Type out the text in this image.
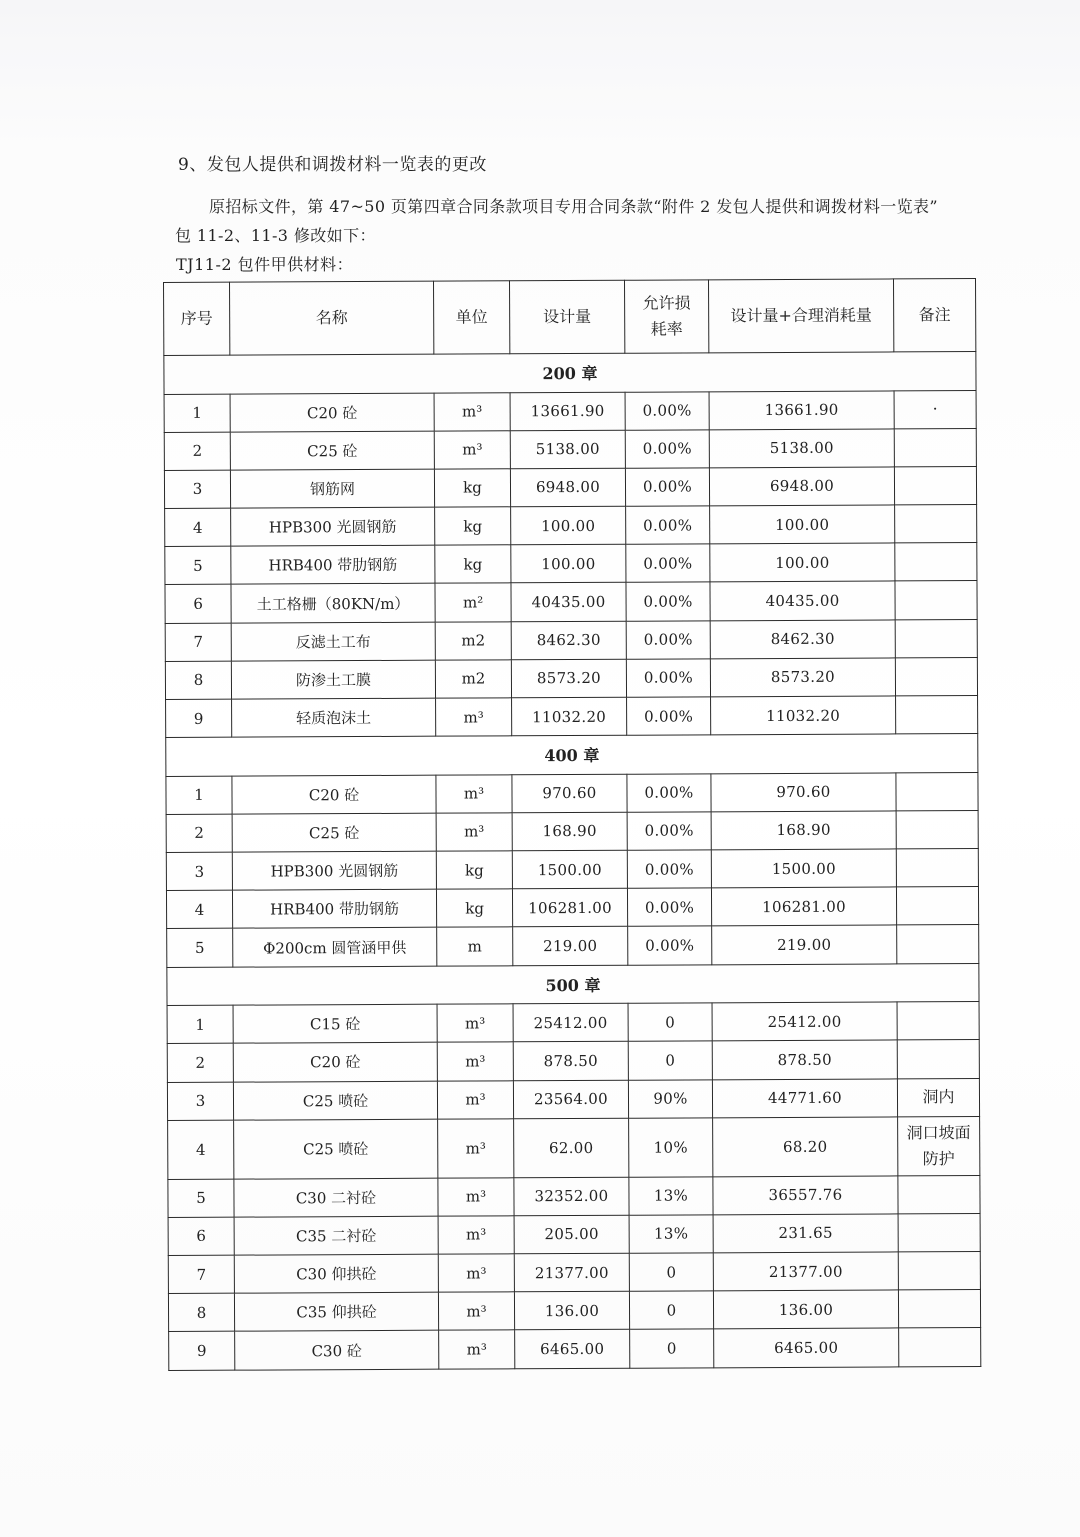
9、发包人提供和调拨材料一览表的更改
原招标文件，第 47~50 页第四章合同条款项目专用合同条款“附件 2 发包人提供和调拨材料一览表” 包 11-2、11-3 修改如下：
TJ11-2 包件甲供材料：
序号	名称	单位	设计量	允许损耗率	设计量+合理消耗量	备注
200 章						
1	C20 砼	m³	13661.90	0.00%	13661.90	·
2	C25 砼	m³	5138.00	0.00%	5138.00	
3	钢筋网	kg	6948.00	0.00%	6948.00	
4	HPB300 光圆钢筋	kg	100.00	0.00%	100.00	
5	HRB400 带肋钢筋	kg	100.00	0.00%	100.00	
6	土工格栅（80KN/m）	m²	40435.00	0.00%	40435.00	
7	反滤土工布	m2	8462.30	0.00%	8462.30	
8	防渗土工膜	m2	8573.20	0.00%	8573.20	
9	轻质泡沫土	m³	11032.20	0.00%	11032.20	
400 章						
1	C20 砼	m³	970.60	0.00%	970.60	
2	C25 砼	m³	168.90	0.00%	168.90	
3	HPB300 光圆钢筋	kg	1500.00	0.00%	1500.00	
4	HRB400 带肋钢筋	kg	106281.00	0.00%	106281.00	
5	Φ200cm 圆管涵甲供	m	219.00	0.00%	219.00	
500 章						
1	C15 砼	m³	25412.00	0	25412.00	
2	C20 砼	m³	878.50	0	878.50	
3	C25 喷砼	m³	23564.00	90%	44771.60	洞内
4	C25 喷砼	m³	62.00	10%	68.20	洞口坡面防护
5	C30 二衬砼	m³	32352.00	13%	36557.76	
6	C35 二衬砼	m³	205.00	13%	231.65	
7	C30 仰拱砼	m³	21377.00	0	21377.00	
8	C35 仰拱砼	m³	136.00	0	136.00	
9	C30 砼	m³	6465.00	0	6465.00	
